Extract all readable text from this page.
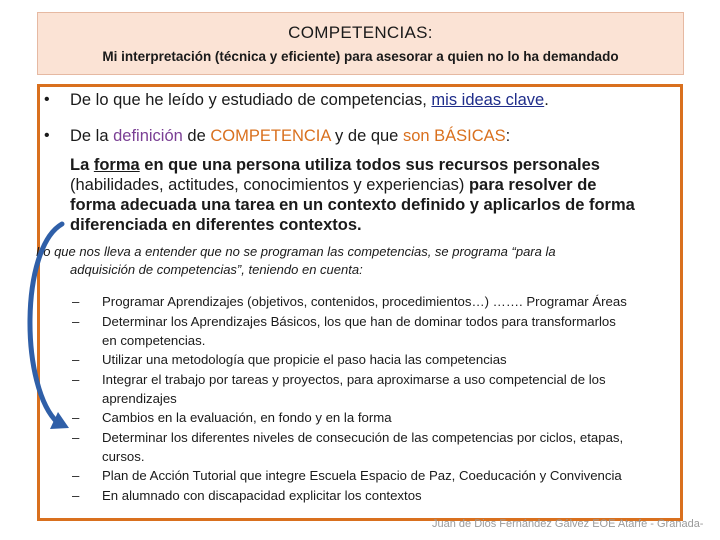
COMPETENCIAS:
Mi interpretación (técnica y eficiente) para asesorar a quien no lo ha demandado
• De lo que he leído y estudiado de competencias, mis ideas clave.
• De la definición de COMPETENCIA y de que son BÁSICAS:
La forma en que una persona utiliza todos sus recursos personales
(habilidades, actitudes, conocimientos y experiencias) para resolver de
forma adecuada una tarea en un contexto definido y aplicarlos de forma
diferenciada en diferentes contextos.
Lo que nos lleva a entender que no se programan las competencias, se programa “para la
adquisición de competencias”, teniendo en cuenta:
– Programar Aprendizajes (objetivos, contenidos, procedimientos…) ……. Programar Áreas
– Determinar los Aprendizajes Básicos, los que han de dominar todos para transformarlos
en competencias.
– Utilizar una metodología que propicie el paso hacia las competencias
– Integrar el trabajo por tareas y proyectos, para aproximarse a uso competencial de los
aprendizajes
– Cambios en la evaluación, en fondo y en la forma
– Determinar los diferentes niveles de consecución de las competencias por ciclos, etapas,
cursos.
– Plan de Acción Tutorial que integre Escuela Espacio de Paz, Coeducación y Convivencia
– En alumnado con discapacidad explicitar los contextos
Juan de Dios Fernández Gálvez EOE Atarfe - Granada-
